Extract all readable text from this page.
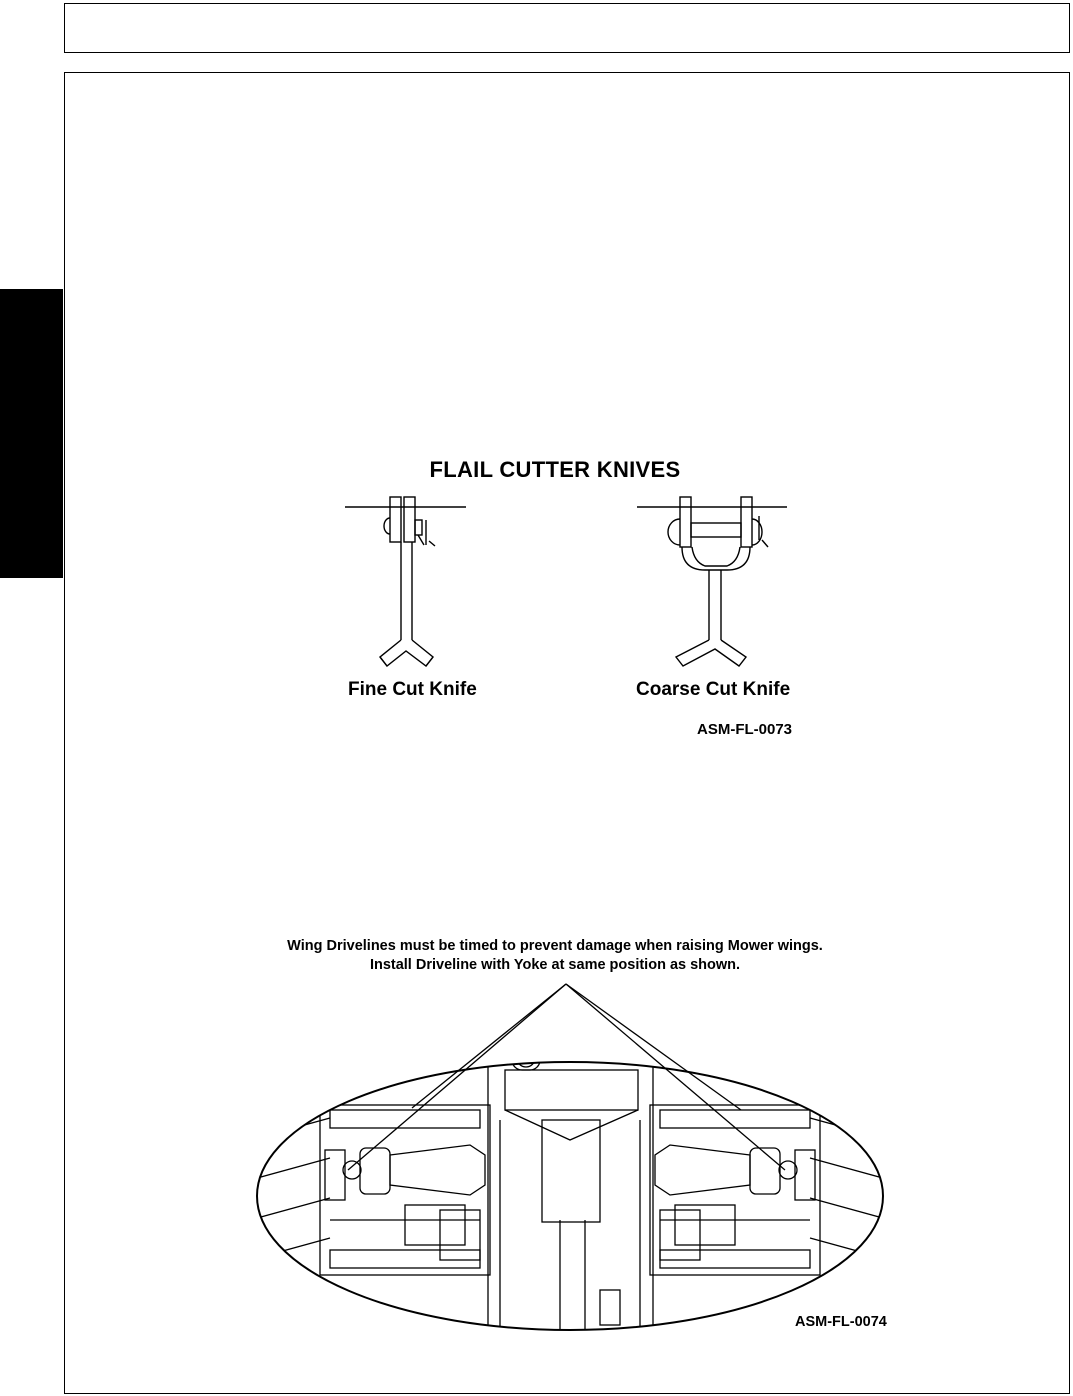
FLAIL CUTTER KNIVES
Fine Cut Knife	Coarse Cut Knife
ASM-FL-0073
Wing Drivelines must be timed to prevent damage when raising Mower wings.
Install Driveline with Yoke at same position as shown.
ASM-FL-0074
